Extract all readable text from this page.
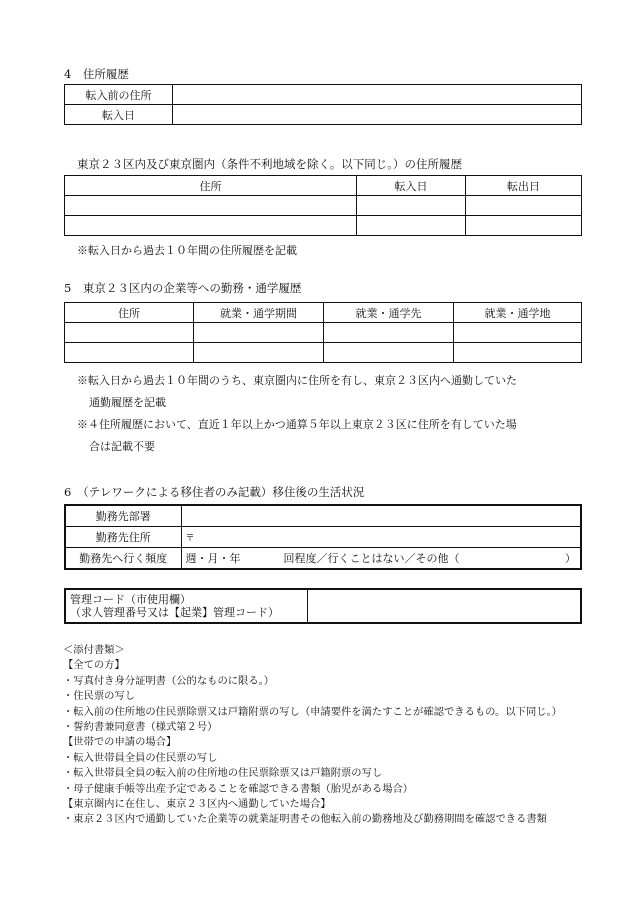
4　住所履歴
転入前の住所	
転入日	
東京２３区内及び東京圏内（条件不利地域を除く。以下同じ。）の住所履歴
住所	転入日	転出日

※転入日から過去１０年間の住所履歴を記載
5　東京２３区内の企業等への勤務・通学履歴
住所	就業・通学期間	就業・通学先	就業・通学地

※転入日から過去１０年間のうち、東京圏内に住所を有し、東京２３区内へ通勤していた
通勤履歴を記載
※４住所履歴において、直近１年以上かつ通算５年以上東京２３区に住所を有していた場
合は記載不要
6　（テレワークによる移住者のみ記載）移住後の生活状況
勤務先部署	
勤務先住所	〒
勤務先へ行く頻度	週・月・年 回程度／行くことはない／その他（ ）
管理コード（市使用欄）
（求人管理番号又は【起業】管理コード）

＜添付書類＞
【全ての方】
・写真付き身分証明書（公的なものに限る。）
・住民票の写し
・転入前の住所地の住民票除票又は戸籍附票の写し（申請要件を満たすことが確認できるもの。以下同じ。）
・誓約書兼同意書（様式第２号）
【世帯での申請の場合】
・転入世帯員全員の住民票の写し
・転入世帯員全員の転入前の住所地の住民票除票又は戸籍附票の写し
・母子健康手帳等出産予定であることを確認できる書類（胎児がある場合）
【東京圏内に在住し、東京２３区内へ通勤していた場合】
・東京２３区内で通勤していた企業等の就業証明書その他転入前の勤務地及び勤務期間を確認できる書類
